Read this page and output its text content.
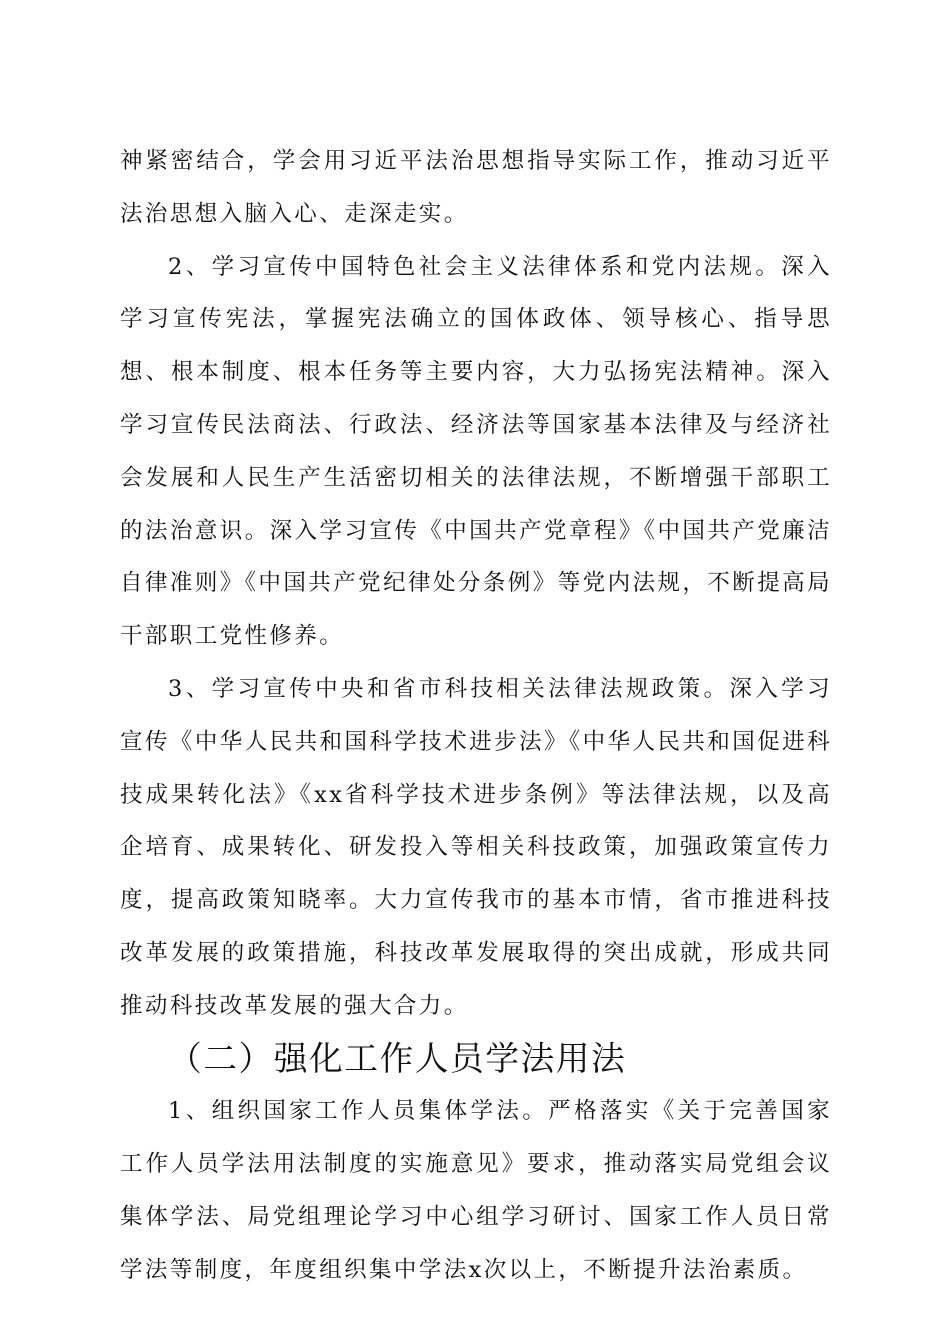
神紧密结合，学会用习近平法治思想指导实际工作，推动习近平法治思想入脑入心、走深走实。

2、学习宣传中国特色社会主义法律体系和党内法规。深入学习宣传宪法，掌握宪法确立的国体政体、领导核心、指导思想、根本制度、根本任务等主要内容，大力弘扬宪法精神。深入学习宣传民法商法、行政法、经济法等国家基本法律及与经济社会发展和人民生产生活密切相关的法律法规，不断增强干部职工的法治意识。深入学习宣传《中国共产党章程》《中国共产党廉洁自律准则》《中国共产党纪律处分条例》等党内法规，不断提高局干部职工党性修养。

3、学习宣传中央和省市科技相关法律法规政策。深入学习宣传《中华人民共和国科学技术进步法》《中华人民共和国促进科技成果转化法》《xx省科学技术进步条例》等法律法规，以及高企培育、成果转化、研发投入等相关科技政策，加强政策宣传力度，提高政策知晓率。大力宣传我市的基本市情，省市推进科技改革发展的政策措施，科技改革发展取得的突出成就，形成共同推动科技改革发展的强大合力。

（二）强化工作人员学法用法

1、组织国家工作人员集体学法。严格落实《关于完善国家工作人员学法用法制度的实施意见》要求，推动落实局党组会议集体学法、局党组理论学习中心组学习研讨、国家工作人员日常学法等制度，年度组织集中学法x次以上，不断提升法治素质。
